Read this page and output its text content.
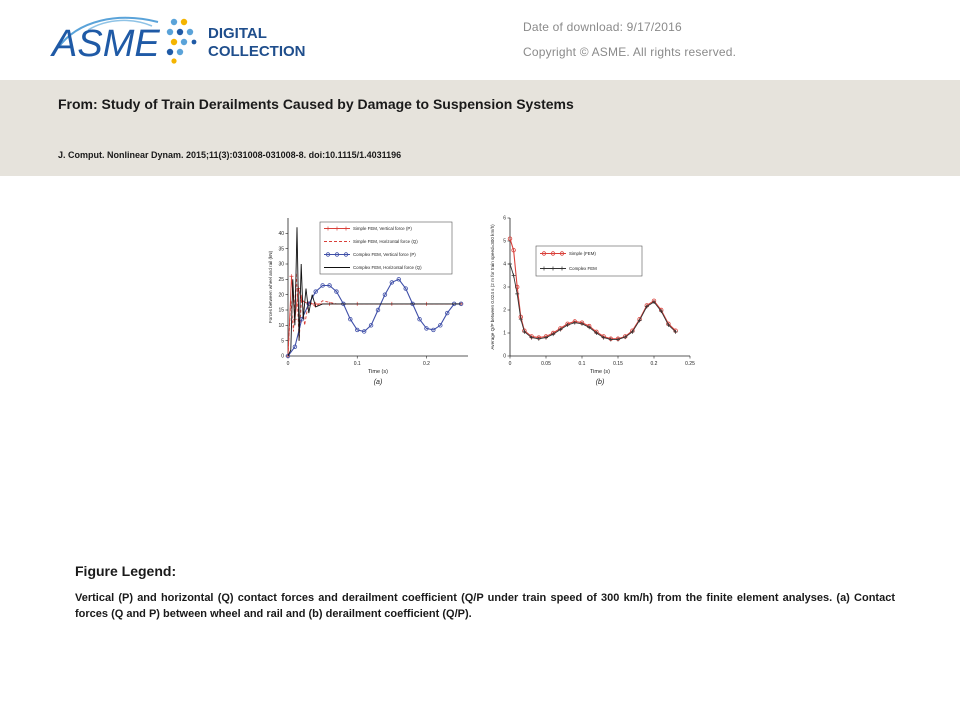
ASME	DIGITAL
COLLECTION
Date of download: 9/17/2016
Copyright © ASME. All rights reserved.
From: Study of Train Derailments Caused by Damage to Suspension Systems
J. Comput. Nonlinear Dynam. 2015;11(3):031008-031008-8. doi:10.1115/1.4031196
0	0.1	0.2
0
5
10
15
20
25
30
35
40
Time (s)
Forces between wheel and rail (kN)
(a)
Simple FEM, Vertical force (P)
Simple FEM, Horizontal force (Q)
Complex FEM, Vertical force (P)
Complex FEM, Horizontal force (Q)
0	0.05	0.1	0.15	0.2	0.25
0
1
2
3
4
5
6
Time (s)
Average Q/P between 0.024 s (2 m for train speed=300 km/h)
(b)
Simple (FEM)
Complex FEM
Figure Legend:
Vertical (P) and horizontal (Q) contact forces and derailment coefficient (Q/P under train speed of 300 km/h) from the finite element analyses. (a) Contact forces (Q and P) between wheel and rail and (b) derailment coefficient (Q/P).
